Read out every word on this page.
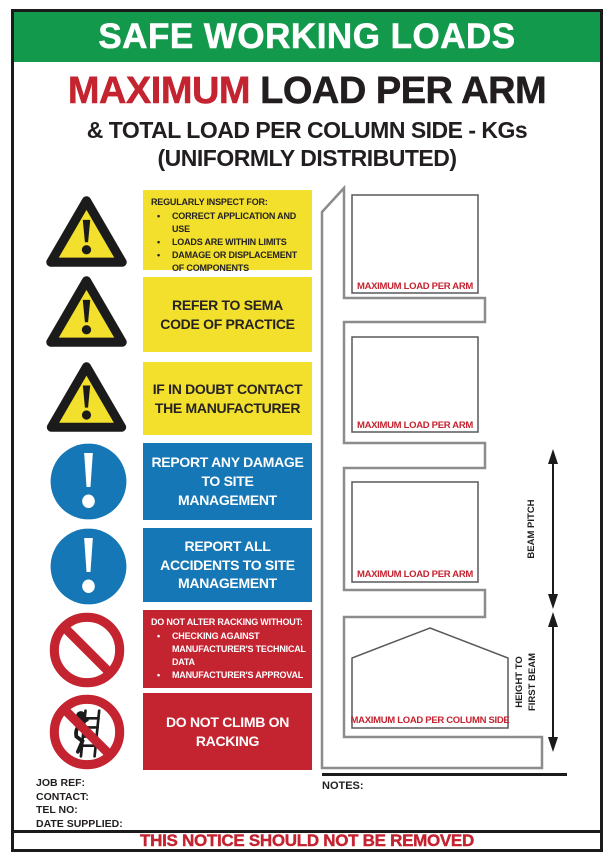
SAFE WORKING LOADS
MAXIMUM LOAD PER ARM
& TOTAL LOAD PER COLUMN SIDE - KGs
(UNIFORMLY DISTRIBUTED)
REGULARLY INSPECT FOR:
• CORRECT APPLICATION AND USE
• LOADS ARE WITHIN LIMITS
• DAMAGE OR DISPLACEMENT OF COMPONENTS
REFER TO SEMA CODE OF PRACTICE
IF IN DOUBT CONTACT THE MANUFACTURER
REPORT ANY DAMAGE TO SITE MANAGEMENT
REPORT ALL ACCIDENTS TO SITE MANAGEMENT
DO NOT ALTER RACKING WITHOUT:
• CHECKING AGAINST MANUFACTURER'S TECHNICAL DATA
• MANUFACTURER'S APPROVAL
DO NOT CLIMB ON RACKING
MAXIMUM LOAD PER ARM
MAXIMUM LOAD PER ARM
MAXIMUM LOAD PER ARM
MAXIMUM LOAD PER COLUMN SIDE
BEAM PITCH
HEIGHT TO FIRST BEAM
NOTES:
JOB REF:
CONTACT:
TEL NO:
DATE SUPPLIED:
THIS NOTICE SHOULD NOT BE REMOVED
